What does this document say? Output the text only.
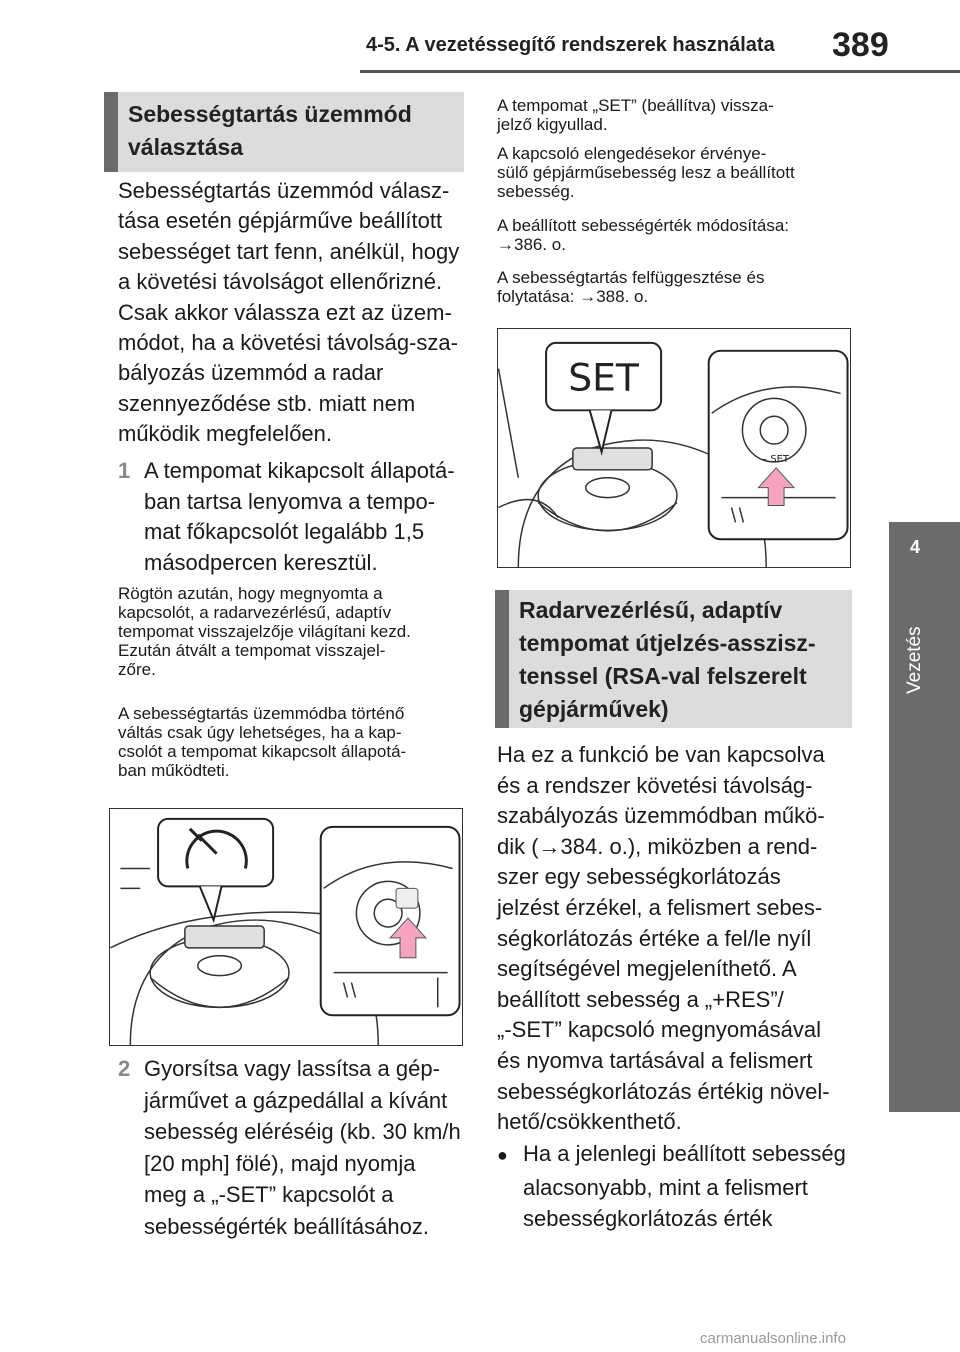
4-5. A vezetéssegítő rendszerek használata 389
4
Vezetés
Sebességtartás üzemmód
választása
Sebességtartás üzemmód válasz-
tása esetén gépjárműve beállított
sebességet tart fenn, anélkül, hogy
a követési távolságot ellenőrizné.
Csak akkor válassza ezt az üzem-
módot, ha a követési távolság-sza-
bályozás üzemmód a radar
szennyeződése stb. miatt nem
működik megfelelően.
1 A tempomat kikapcsolt állapotá-
ban tartsa lenyomva a tempo-
mat főkapcsolót legalább 1,5
másodpercen keresztül.
Rögtön azután, hogy megnyomta a
kapcsolót, a radarvezérlésű, adaptív
tempomat visszajelzője világítani kezd.
Ezután átvált a tempomat visszajel-
zőre.
A sebességtartás üzemmódba történő
váltás csak úgy lehetséges, ha a kap-
csolót a tempomat kikapcsolt állapotá-
ban működteti.
2 Gyorsítsa vagy lassítsa a gép-
járművet a gázpedállal a kívánt
sebesség eléréséig (kb. 30 km/h
[20 mph] fölé), majd nyomja
meg a „-SET” kapcsolót a
sebességérték beállításához.
A tempomat „SET” (beállítva) vissza-
jelző kigyullad.
A kapcsoló elengedésekor érvénye-
sülő gépjárműsebesség lesz a beállított
sebesség.
A beállított sebességérték módosítása:
→386. o.
A sebességtartás felfüggesztése és
folytatása: →388. o.
SET
– SET
Radarvezérlésű, adaptív
tempomat útjelzés-asszisz-
tenssel (RSA-val felszerelt
gépjárművek)
Ha ez a funkció be van kapcsolva
és a rendszer követési távolság-
szabályozás üzemmódban műkö-
dik (→384. o.), miközben a rend-
szer egy sebességkorlátozás
jelzést érzékel, a felismert sebes-
ségkorlátozás értéke a fel/le nyíl
segítségével megjeleníthető. A
beállított sebesség a „+RES”/
„-SET” kapcsoló megnyomásával
és nyomva tartásával a felismert
sebességkorlátozás értékig növel-
hető/csökkenthető.
● Ha a jelenlegi beállított sebesség
alacsonyabb, mint a felismert
sebességkorlátozás érték
carmanualsonline.info
